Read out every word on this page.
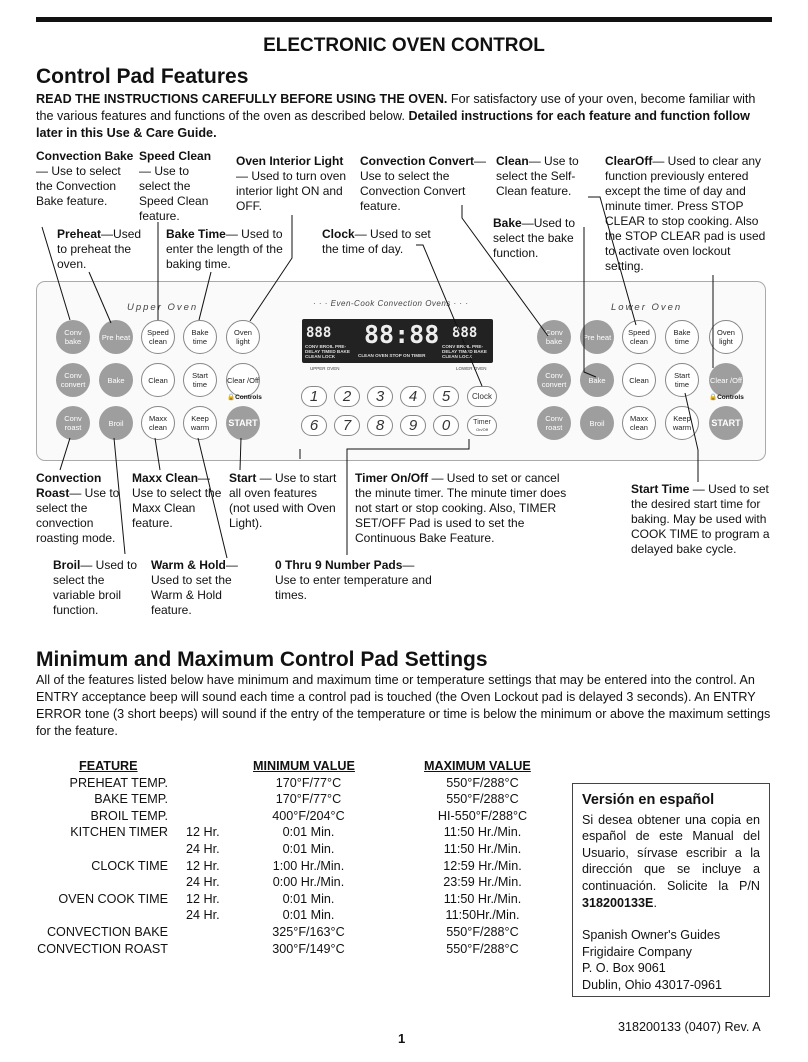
ELECTRONIC OVEN CONTROL
Control Pad Features
READ THE INSTRUCTIONS CAREFULLY BEFORE USING THE OVEN. For satisfactory use of your oven, become familiar with the various features and functions of the oven as described below. Detailed instructions for each feature and function follow later in this Use & Care Guide.
Convection Bake— Use to select the Convection Bake feature.
Speed Clean— Use to select the Speed Clean feature.
Oven Interior Light— Used to turn oven interior light ON and OFF.
Convection Convert— Use to select the Convection Convert feature.
Clean— Use to select the Self-Clean feature.
ClearOff— Used to clear any function previously entered except the time of day and minute timer. Press STOP CLEAR to stop cooking. Also the STOP CLEAR pad is used to activate oven lockout setting.
Preheat—Used to preheat the oven.
Bake Time— Used to enter the length of the baking time.
Clock— Used to set the time of day.
Bake—Used to select the bake function.
Upper Oven	· · · Even-Cook Convection Ovens · · ·	Lower Oven
Conv bake	Pre heat	Speed clean
Bake time
Oven light
Conv convert	Bake	Clean	Start time	Clear /Off
🔒Controls
Conv roast	Broil	Maxx clean
Keep warm	START
888 88:88 888
CONV BROIL PRE- DELAY TIMED BAKE CLEAN LOCK	CLEAN OVEN STOP ON TIMER
CONV BROIL PRE- DELAY TIMED BAKE CLEAN LOCK
UPPER OVEN	LOWER OVEN
1	2	3	4	5
6	7	8	9	0
Clock
Timer
On/Off
Conv bake	Pre heat	Speed clean
Bake time
Oven light
Conv convert	Bake	Clean	Start time	Clear /Off
🔒Controls
Conv roast	Broil	Maxx clean
Keep warm	START
Convection Roast— Use to select the convection roasting mode.
Maxx Clean— Use to select the Maxx Clean feature.
Start — Use to start all oven features (not used with Oven Light).
Timer On/Off — Used to set or cancel the minute timer. The minute timer does not start or stop cooking. Also, TIMER SET/OFF Pad is used to set the Continuous Bake Feature.
Start Time — Used to set the desired start time for baking. May be used with COOK TIME to program a delayed bake cycle.
Broil— Used to select the variable broil function.
Warm & Hold— Used to set the Warm & Hold feature.
0 Thru 9 Number Pads— Use to enter temperature and times.
Minimum and Maximum Control Pad Settings
All of the features listed below have minimum and maximum time or temperature settings that may be entered into the control. An ENTRY acceptance beep will sound each time a control pad is touched (the Oven Lockout pad is delayed 3 seconds). An ENTRY ERROR tone (3 short beeps) will sound if the entry of the temperature or time is below the minimum or above the maximum settings for the feature.
FEATURE	MINIMUM VALUE	MAXIMUM VALUE
PREHEAT TEMP.	170°F/77°C	550°F/288°C
BAKE TEMP.	170°F/77°C	550°F/288°C
BROIL TEMP.	400°F/204°C	HI-550°F/288°C
KITCHEN TIMER 12 Hr.	0:01 Min.	11:50 Hr./Min.
24 Hr.	0:01 Min.	11:50 Hr./Min.
CLOCK TIME 12 Hr.	1:00 Hr./Min.	12:59 Hr./Min.
24 Hr.	0:00 Hr./Min.	23:59 Hr./Min.
OVEN COOK TIME 12 Hr.	0:01 Min.	11:50 Hr./Min.
24 Hr.	0:01 Min.	11:50Hr./Min.
CONVECTION BAKE	325°F/163°C	550°F/288°C
CONVECTION ROAST	300°F/149°C	550°F/288°C
Versión en español
Si desea obtener una copia en español de este Manual del Usuario, sírvase escribir a la dirección que se incluye a continuación. Solicite la P/N 318200133E.
Spanish Owner's Guides
Frigidaire Company
P. O. Box 9061
Dublin, Ohio 43017-0961
1
318200133 (0407) Rev. A
